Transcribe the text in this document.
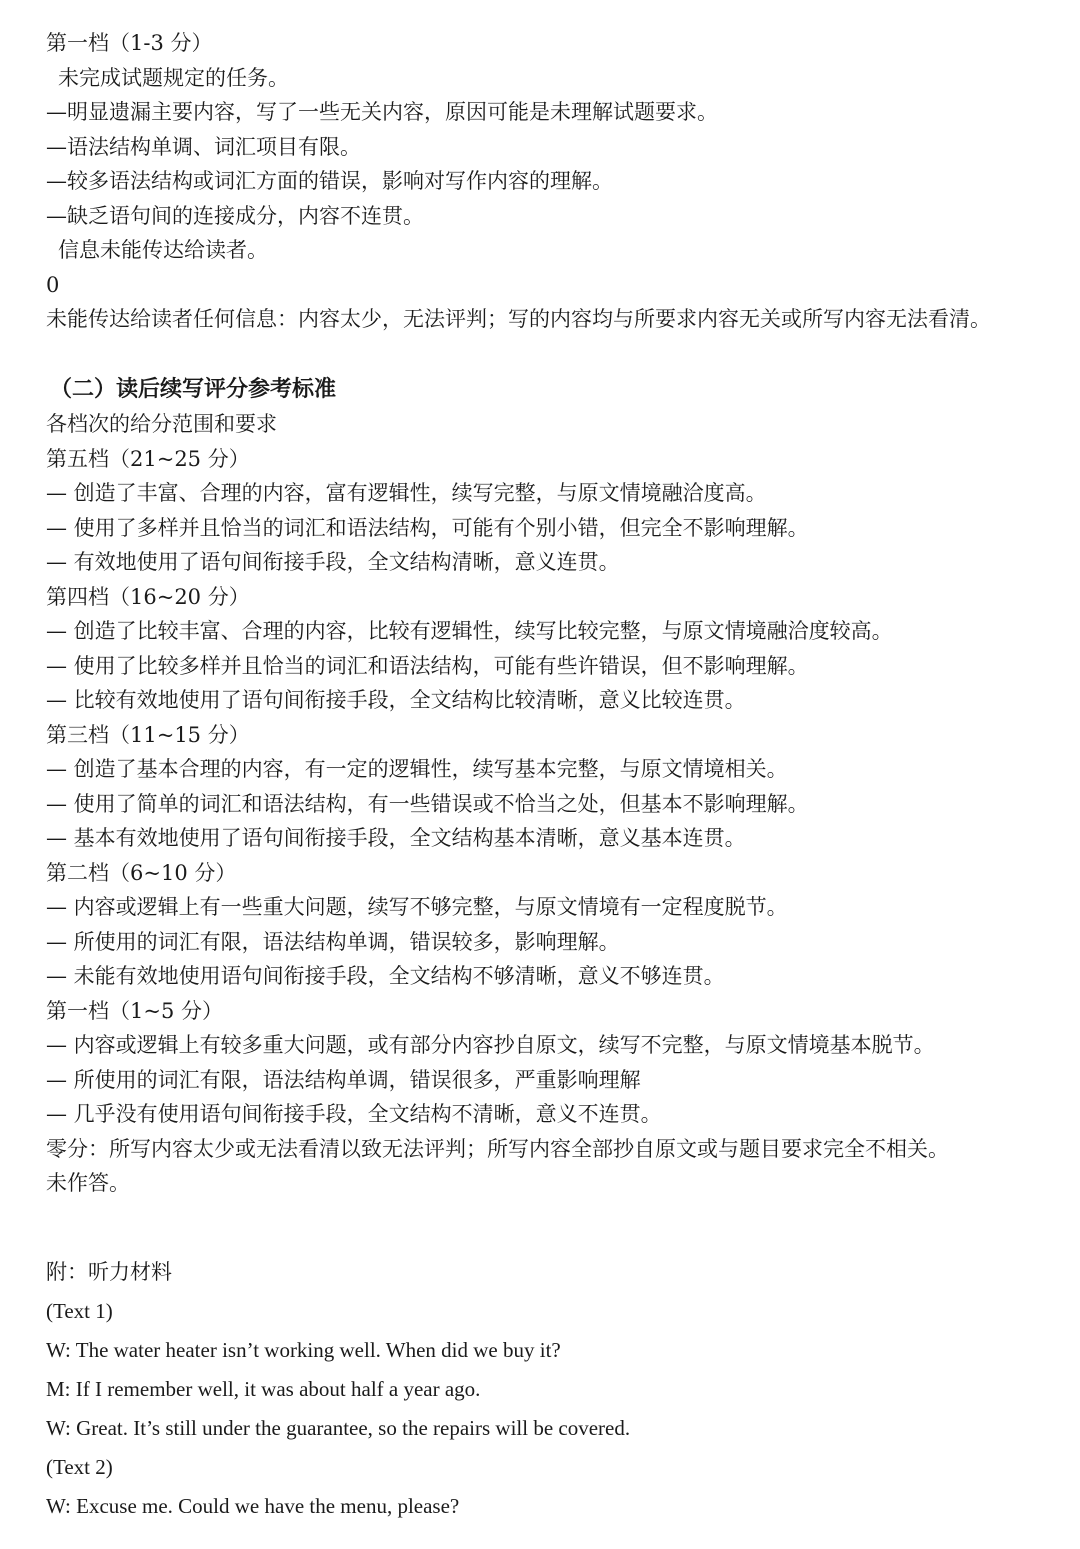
第一档（1-3 分）
未完成试题规定的任务。
—明显遗漏主要内容，写了一些无关内容，原因可能是未理解试题要求。
—语法结构单调、词汇项目有限。
—较多语法结构或词汇方面的错误，影响对写作内容的理解。
—缺乏语句间的连接成分，内容不连贯。
信息未能传达给读者。
0
未能传达给读者任何信息：内容太少，无法评判；写的内容均与所要求内容无关或所写内容无法看清。
（二）读后续写评分参考标准
各档次的给分范围和要求
第五档（21~25 分）
— 创造了丰富、合理的内容，富有逻辑性，续写完整，与原文情境融洽度高。
— 使用了多样并且恰当的词汇和语法结构，可能有个别小错，但完全不影响理解。
— 有效地使用了语句间衔接手段，全文结构清晰，意义连贯。
第四档（16~20 分）
— 创造了比较丰富、合理的内容，比较有逻辑性，续写比较完整，与原文情境融洽度较高。
— 使用了比较多样并且恰当的词汇和语法结构，可能有些许错误，但不影响理解。
— 比较有效地使用了语句间衔接手段，全文结构比较清晰，意义比较连贯。
第三档（11~15 分）
— 创造了基本合理的内容，有一定的逻辑性，续写基本完整，与原文情境相关。
— 使用了简单的词汇和语法结构，有一些错误或不恰当之处，但基本不影响理解。
— 基本有效地使用了语句间衔接手段，全文结构基本清晰，意义基本连贯。
第二档（6~10 分）
— 内容或逻辑上有一些重大问题，续写不够完整，与原文情境有一定程度脱节。
— 所使用的词汇有限，语法结构单调，错误较多，影响理解。
— 未能有效地使用语句间衔接手段，全文结构不够清晰，意义不够连贯。
第一档（1~5 分）
— 内容或逻辑上有较多重大问题，或有部分内容抄自原文，续写不完整，与原文情境基本脱节。
— 所使用的词汇有限，语法结构单调，错误很多，严重影响理解
— 几乎没有使用语句间衔接手段，全文结构不清晰，意义不连贯。
零分：所写内容太少或无法看清以致无法评判；所写内容全部抄自原文或与题目要求完全不相关。
未作答。
附：听力材料
(Text 1)
W: The water heater isn’t working well. When did we buy it?
M: If I remember well, it was about half a year ago.
W: Great. It’s still under the guarantee, so the repairs will be covered.
(Text 2)
W: Excuse me. Could we have the menu, please?
